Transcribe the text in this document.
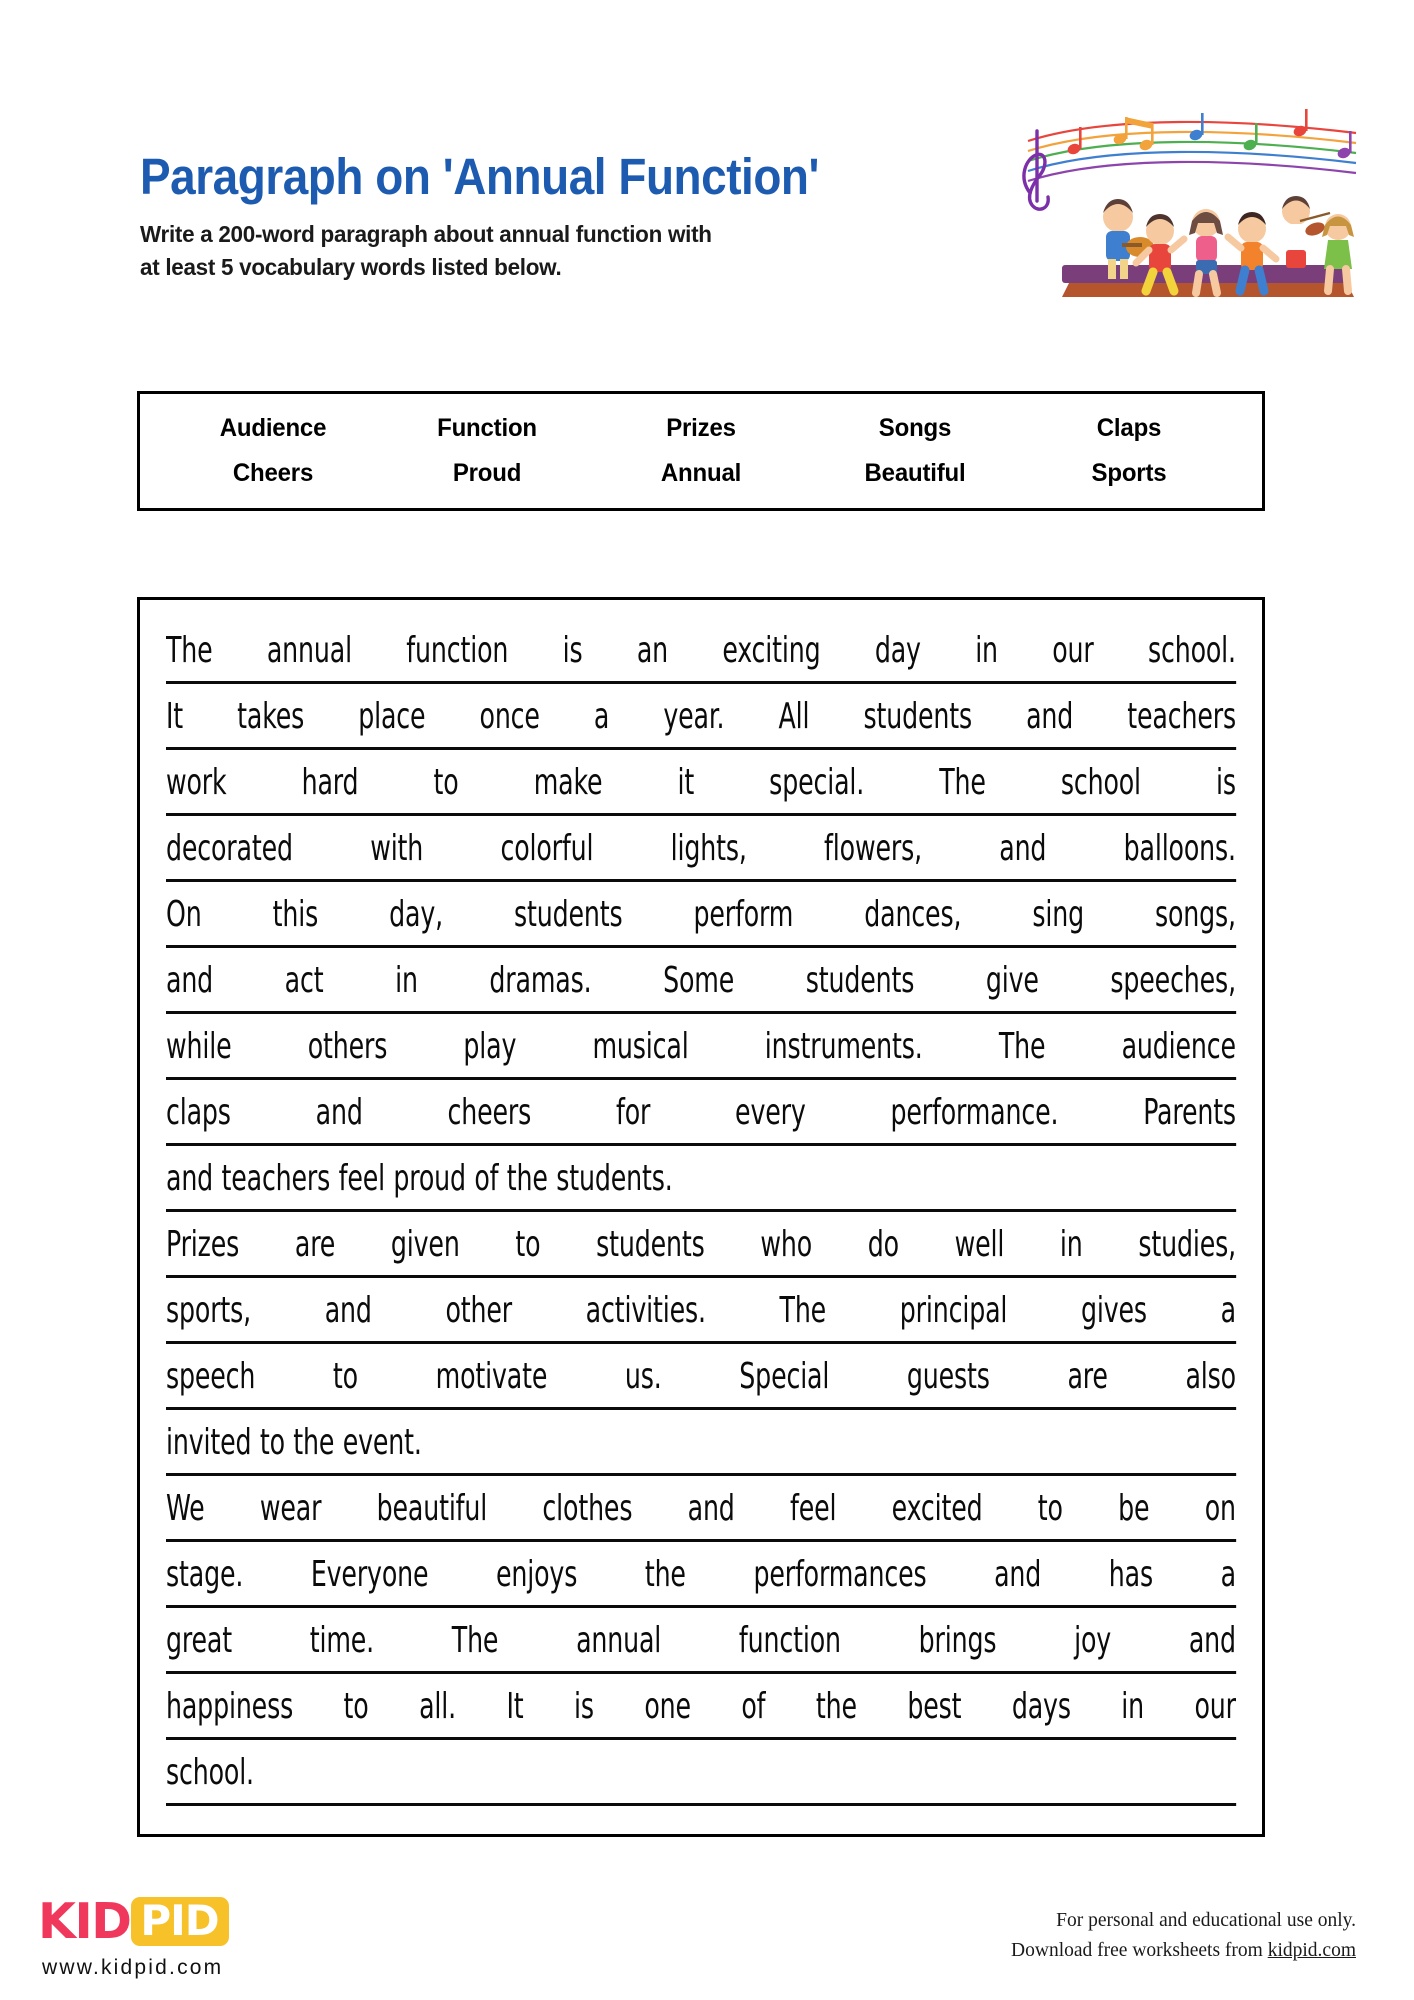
Paragraph on 'Annual Function'
Write a 200-word paragraph about annual function with
at least 5 vocabulary words listed below.
Audience	Function	Prizes	Songs	Claps
Cheers	Proud	Annual	Beautiful	Sports
The annual function is an exciting day in our school.
It takes place once a year. All students and teachers
work hard to make it special. The school is
decorated with colorful lights, flowers, and balloons.
On this day, students perform dances, sing songs,
and act in dramas. Some students give speeches,
while others play musical instruments. The audience
claps and cheers for every performance. Parents
and teachers feel proud of the students.
Prizes are given to students who do well in studies,
sports, and other activities. The principal gives a
speech to motivate us. Special guests are also
invited to the event.
We wear beautiful clothes and feel excited to be on
stage. Everyone enjoys the performances and has a
great time. The annual function brings joy and
happiness to all. It is one of the best days in our
school.
KID PID
www.kidpid.com
For personal and educational use only.
Download free worksheets from kidpid.com
